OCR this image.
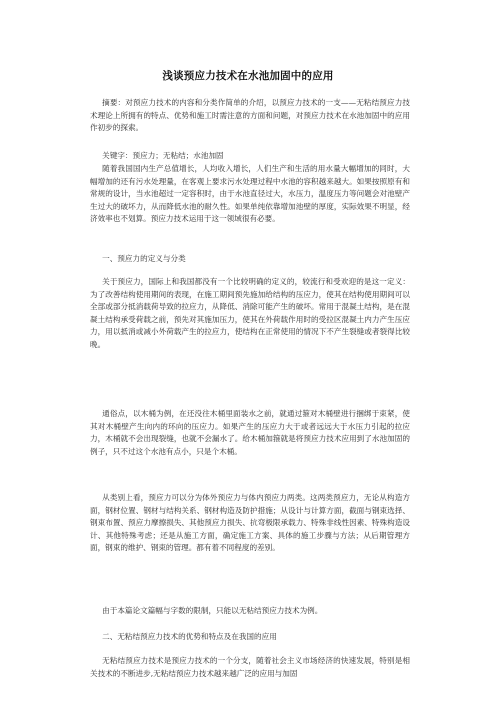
浅谈预应力技术在水池加固中的应用
摘要：对预应力技术的内容和分类作简单的介绍，以预应力技术的一支——无粘结预应力技术理论上所拥有的特点、优势和施工时需注意的方面和问题，对预应力技术在水池加固中的应用作初步的探索。
关键字：预应力；无粘结；水池加固
随着我国国内生产总值增长，人均收入增长，人们生产和生活的用水量大幅增加的同时，大幅增加的还有污水处理量，在客观上要求污水处理过程中水池的容积越来越大。如果按照原有和常规的设计，当水池超过一定容积时，由于水池直径过大，水压力，温度压力等问题会对池壁产生过大的破坏力，从而降低水池的耐久性。如果单纯依靠增加池壁的厚度，实际效果不明显，经济效率也不划算。预应力技术运用于这一领域很有必要。
一、预应力的定义与分类
关于预应力，国际上和我国都没有一个比较明确的定义的，较流行和受欢迎的是这一定义：为了改善结构使用期间的表现，在施工期间预先施加给结构的压应力，使其在结构使用期间可以全部或部分抵消载荷导致的拉应力，从降低、消除可能产生的破坏。常用于混凝土结构，是在混凝土结构承受荷载之前，预先对其施加压力，使其在外荷载作用时的受拉区混凝土内力产生压应力，用以抵消或减小外荷载产生的拉应力，使结构在正常使用的情况下不产生裂缝或者裂得比较晚。
通俗点，以木桶为例，在还没往木桶里面装水之前，就通过箍对木桶壁进行捆绑于束紧，使其对木桶壁产生向内的环向的压应力。如果产生的压应力大于或者远远大于水压力引起的拉应力，木桶就不会出现裂缝，也就不会漏水了。给木桶加箍就是将预应力技术应用到了水池加固的例子，只不过这个水池有点小，只是个木桶。
从类别上看，预应力可以分为体外预应力与体内预应力两类。这两类预应力，无论从构造方面，钢材位置、钢材与结构关系、钢材构造及防护措施；从设计与计算方面，截面与钢束选择、钢束布置、预应力摩擦损失、其他预应力损失、抗弯极限承载力、特殊非线性因素、特殊构造设计、其他特殊考虑；还是从施工方面，确定施工方案、具体的施工步骤与方法；从后期管理方面，钢束的维护、钢束的管理。都有着不同程度的差别。
由于本篇论文篇幅与字数的限制，只能以无粘结预应力技术为例。
二、无粘结预应力技术的优势和特点及在我国的应用
无粘结预应力技术是预应力技术的一个分支，随着社会主义市场经济的快速发展，特别是相关技术的不断进步,无粘结预应力技术越来越广泛的应用与加固
